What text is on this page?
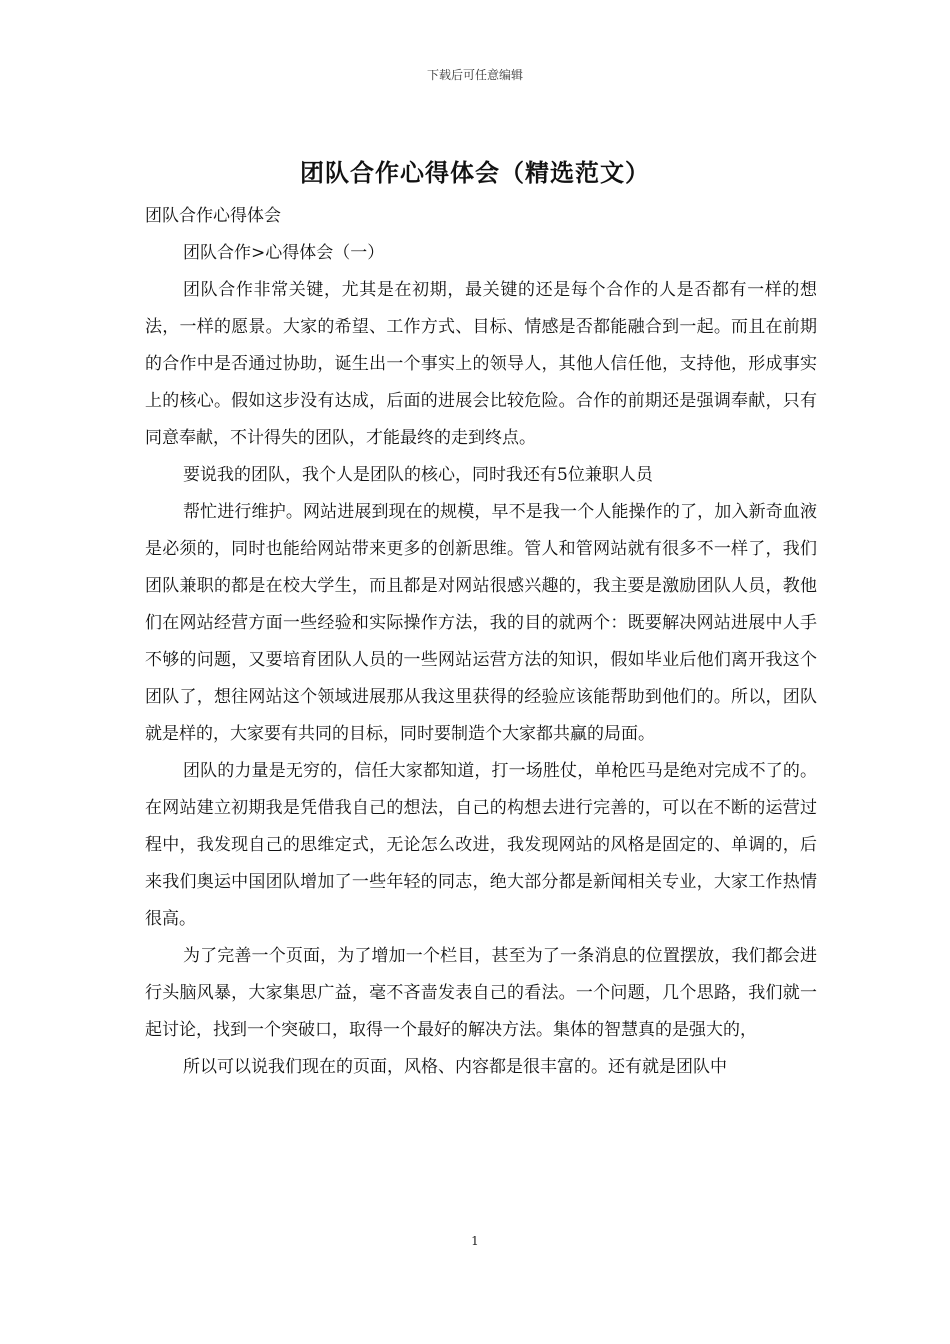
下载后可任意编辑
团队合作心得体会（精选范文）

团队合作心得体会

团队合作>心得体会（一）

团队合作非常关键，尤其是在初期，最关键的还是每个合作的人是否都有一样的想法，一样的愿景。大家的希望、工作方式、目标、情感是否都能融合到一起。而且在前期的合作中是否通过协助，诞生出一个事实上的领导人，其他人信任他，支持他，形成事实上的核心。假如这步没有达成，后面的进展会比较危险。合作的前期还是强调奉献，只有同意奉献，不计得失的团队，才能最终的走到终点。

要说我的团队，我个人是团队的核心，同时我还有5位兼职人员

帮忙进行维护。网站进展到现在的规模，早不是我一个人能操作的了，加入新奇血液是必须的，同时也能给网站带来更多的创新思维。管人和管网站就有很多不一样了，我们团队兼职的都是在校大学生，而且都是对网站很感兴趣的，我主要是激励团队人员，教他们在网站经营方面一些经验和实际操作方法，我的目的就两个：既要解决网站进展中人手不够的问题，又要培育团队人员的一些网站运营方法的知识，假如毕业后他们离开我这个团队了，想往网站这个领域进展那从我这里获得的经验应该能帮助到他们的。所以，团队就是样的，大家要有共同的目标，同时要制造个大家都共赢的局面。

团队的力量是无穷的，信任大家都知道，打一场胜仗，单枪匹马是绝对完成不了的。在网站建立初期我是凭借我自己的想法，自己的构想去进行完善的，可以在不断的运营过程中，我发现自己的思维定式，无论怎么改进，我发现网站的风格是固定的、单调的，后来我们奥运中国团队增加了一些年轻的同志，绝大部分都是新闻相关专业，大家工作热情很高。

为了完善一个页面，为了增加一个栏目，甚至为了一条消息的位置摆放，我们都会进行头脑风暴，大家集思广益，毫不吝啬发表自己的看法。一个问题，几个思路，我们就一起讨论，找到一个突破口，取得一个最好的解决方法。集体的智慧真的是强大的，

所以可以说我们现在的页面，风格、内容都是很丰富的。还有就是团队中

1
